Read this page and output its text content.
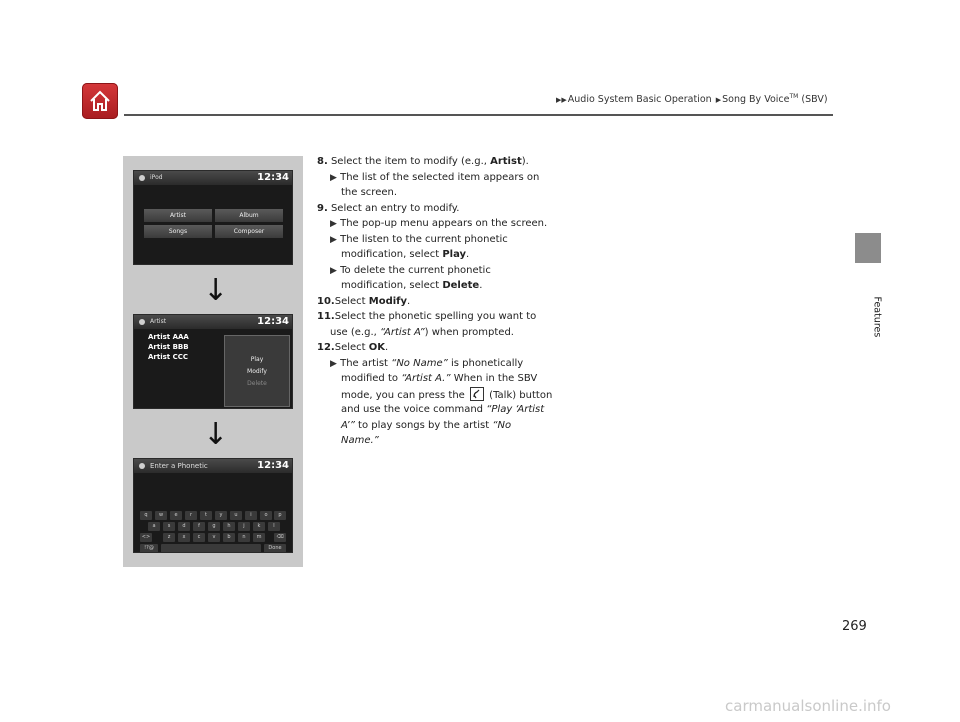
▶▶Audio System Basic Operation ▶Song By Voice™ (SBV)
Features
iPod	12:34
Artist	Album
Songs	Composer
↓
Artist	12:34
Artist AAA
Artist BBB
Artist CCC	Play
Modify
Delete
↓
Enter a Phonetic	12:34
q	w	e	r	t	y	u	i	o	p
a	s	d	f	g	h	j	k	l
<>	z	x	c	v	b	n	m	⌫
!?@	Done
8. Select the item to modify (e.g., Artist).
▶ The list of the selected item appears on
the screen.
9. Select an entry to modify.
▶ The pop-up menu appears on the screen.
▶ The listen to the current phonetic
modification, select Play.
▶ To delete the current phonetic
modification, select Delete.
10.Select Modify.
11.Select the phonetic spelling you want to
use (e.g., “Artist A”) when prompted.
12.Select OK.
▶ The artist “No Name” is phonetically
modified to “Artist A.” When in the SBV
mode, you can press the  (Talk) button
and use the voice command “Play ‘Artist
A’” to play songs by the artist “No
Name.”
269
carmanualsonline.info
